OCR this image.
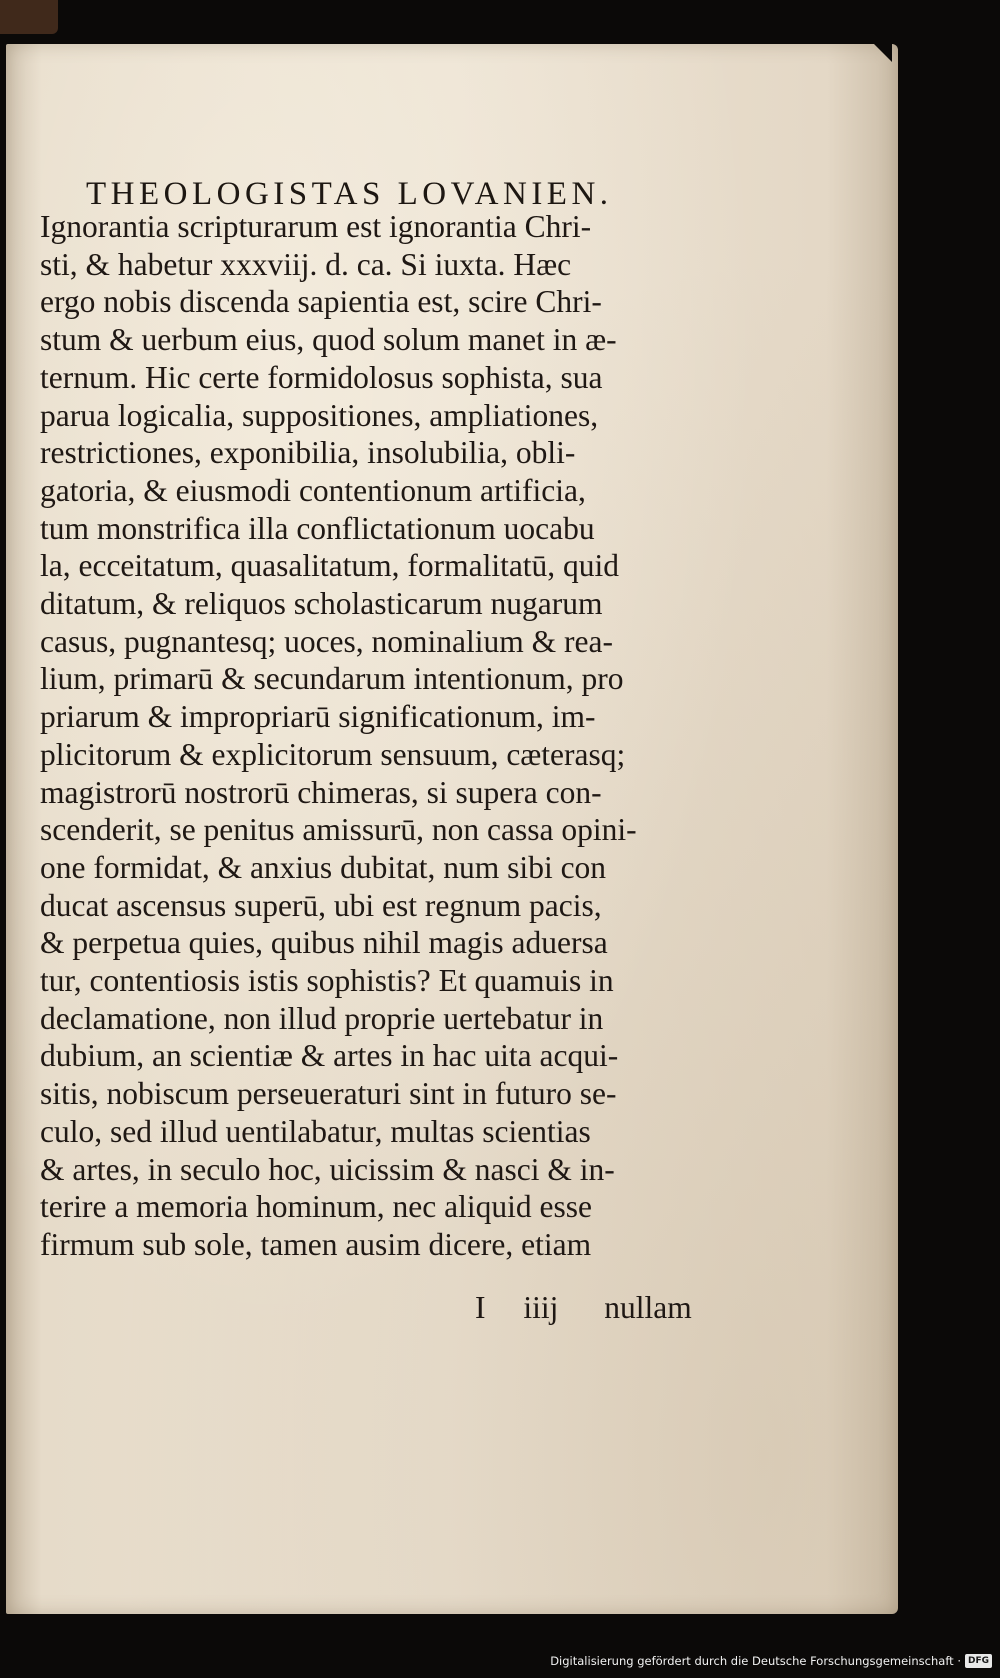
THEOLOGISTAS LOVANIEN.
Ignorantia scripturarum est ignorantia Chri-
sti, & habetur xxxviij. d. ca. Si iuxta. Hæc
ergo nobis discenda sapientia est, scire Chri-
stum & uerbum eius, quod solum manet in æ-
ternum. Hic certe formidolosus sophista, sua
parua logicalia, suppositiones, ampliationes,
restrictiones, exponibilia, insolubilia, obli-
gatoria, & eiusmodi contentionum artificia,
tum monstrifica illa conflictationum uocabu
la, ecceitatum, quasalitatum, formalitatū, quid
ditatum, & reliquos scholasticarum nugarum
casus, pugnantesq; uoces, nominalium & rea-
lium, primarū & secundarum intentionum, pro
priarum & impropriarū significationum, im-
plicitorum & explicitorum sensuum, cæterasq;
magistrorū nostrorū chimeras, si supera con-
scenderit, se penitus amissurū, non cassa opini-
one formidat, & anxius dubitat, num sibi con
ducat ascensus superū, ubi est regnum pacis,
& perpetua quies, quibus nihil magis aduersa
tur, contentiosis istis sophistis? Et quamuis in
declamatione, non illud proprie uertebatur in
dubium, an scientiæ & artes in hac uita acqui-
sitis, nobiscum perseueraturi sint in futuro se-
culo, sed illud uentilabatur, multas scientias
& artes, in seculo hoc, uicissim & nasci & in-
terire a memoria hominum, nec aliquid esse
firmum sub sole, tamen ausim dicere, etiam
I iiij nullam
Digitalisierung gefördert durch die Deutsche Forschungsgemeinschaft · DFG
